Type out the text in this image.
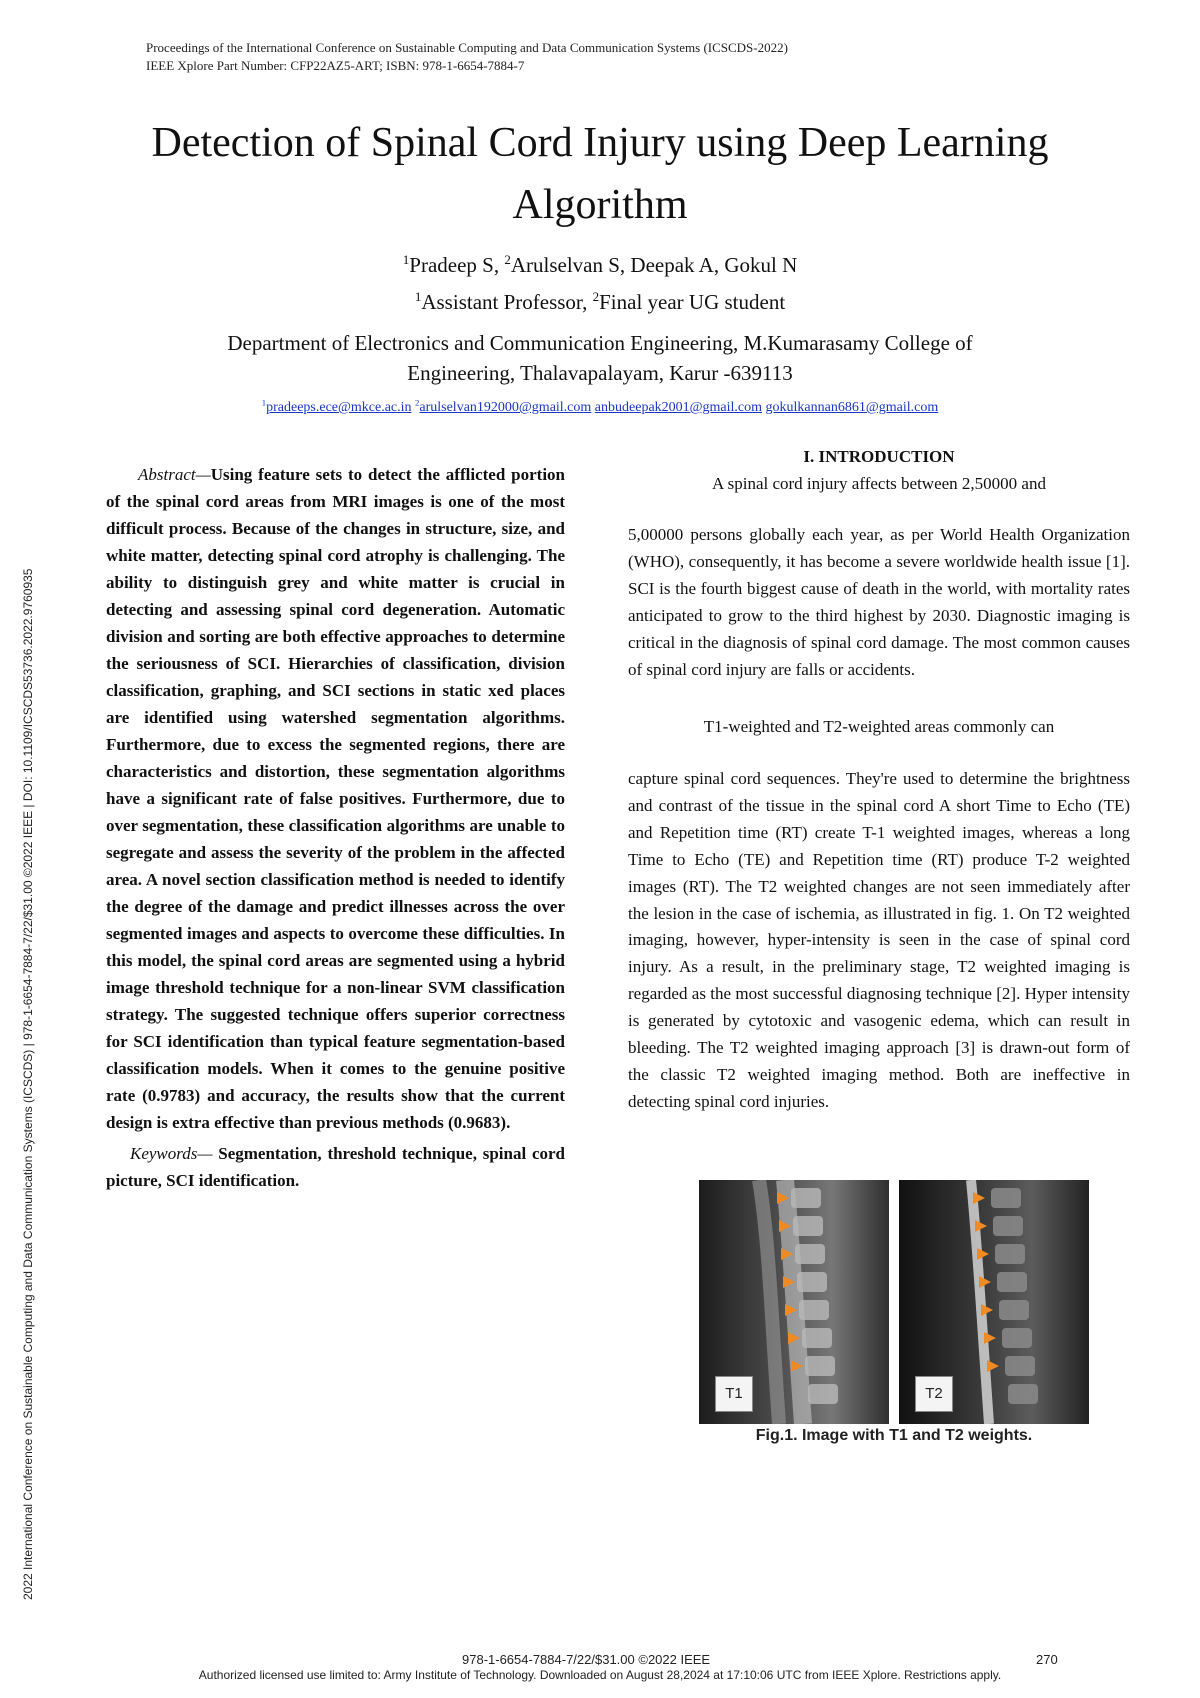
Proceedings of the International Conference on Sustainable Computing and Data Communication Systems (ICSCDS-2022)
IEEE Xplore Part Number: CFP22AZ5-ART; ISBN: 978-1-6654-7884-7
2022 International Conference on Sustainable Computing and Data Communication Systems (ICSCDS) | 978-1-6654-7884-7/22/$31.00 ©2022 IEEE | DOI: 10.1109/ICSCDS53736.2022.9760935
Detection of Spinal Cord Injury using Deep Learning Algorithm
$^1$Pradeep S, $^2$Arulselvan S, Deepak A, Gokul N
$^1$Assistant Professor, $^2$Final year UG student
Department of Electronics and Communication Engineering, M.Kumarasamy College of
Engineering, Thalavapalayam, Karur -639113
$^1$pradeeps.ece@mkce.ac.in $^2$arulselvan192000@gmail.com anbudeepak2001@gmail.com gokulkannan6861@gmail.com

Abstract—Using feature sets to detect the afflicted portion of the spinal cord areas from MRI images is one of the most difficult process. Because of the changes in structure, size, and white matter, detecting spinal cord atrophy is challenging. The ability to distinguish grey and white matter is crucial in detecting and assessing spinal cord degeneration. Automatic division and sorting are both effective approaches to determine the seriousness of SCI. Hierarchies of classification, division classification, graphing, and SCI sections in static xed places are identified using watershed segmentation algorithms. Furthermore, due to excess the segmented regions, there are characteristics and distortion, these segmentation algorithms have a significant rate of false positives. Furthermore, due to over segmentation, these classification algorithms are unable to segregate and assess the severity of the problem in the affected area. A novel section classification method is needed to identify the degree of the damage and predict illnesses across the over segmented images and aspects to overcome these difficulties. In this model, the spinal cord areas are segmented using a hybrid image threshold technique for a non-linear SVM classification strategy. The suggested technique offers superior correctness for SCI identification than typical feature segmentation-based classification models. When it comes to the genuine positive rate (0.9783) and accuracy, the results show that the current design is extra effective than previous methods (0.9683).

Keywords— Segmentation, threshold technique, spinal cord picture, SCI identification.

I. INTRODUCTION
A spinal cord injury affects between 2,50000 and

5,00000 persons globally each year, as per World Health Organization (WHO), consequently, it has become a severe worldwide health issue [1]. SCI is the fourth biggest cause of death in the world, with mortality rates anticipated to grow to the third highest by 2030. Diagnostic imaging is critical in the diagnosis of spinal cord damage. The most common causes of spinal cord injury are falls or accidents.

T1-weighted and T2-weighted areas commonly can

capture spinal cord sequences. They're used to determine the brightness and contrast of the tissue in the spinal cord A short Time to Echo (TE) and Repetition time (RT) create T-1 weighted images, whereas a long Time to Echo (TE) and Repetition time (RT) produce T-2 weighted images (RT). The T2 weighted changes are not seen immediately after the lesion in the case of ischemia, as illustrated in fig. 1. On T2 weighted imaging, however, hyper-intensity is seen in the case of spinal cord injury. As a result, in the preliminary stage, T2 weighted imaging is regarded as the most successful diagnosing technique [2]. Hyper intensity is generated by cytotoxic and vasogenic edema, which can result in bleeding. The T2 weighted imaging approach [3] is drawn-out form of the classic T2 weighted imaging method. Both are ineffective in detecting spinal cord injuries.

T1	T2
Fig.1. Image with T1 and T2 weights.
978-1-6654-7884-7/22/$31.00 ©2022 IEEE	270
Authorized licensed use limited to: Army Institute of Technology. Downloaded on August 28,2024 at 17:10:06 UTC from IEEE Xplore. Restrictions apply.
